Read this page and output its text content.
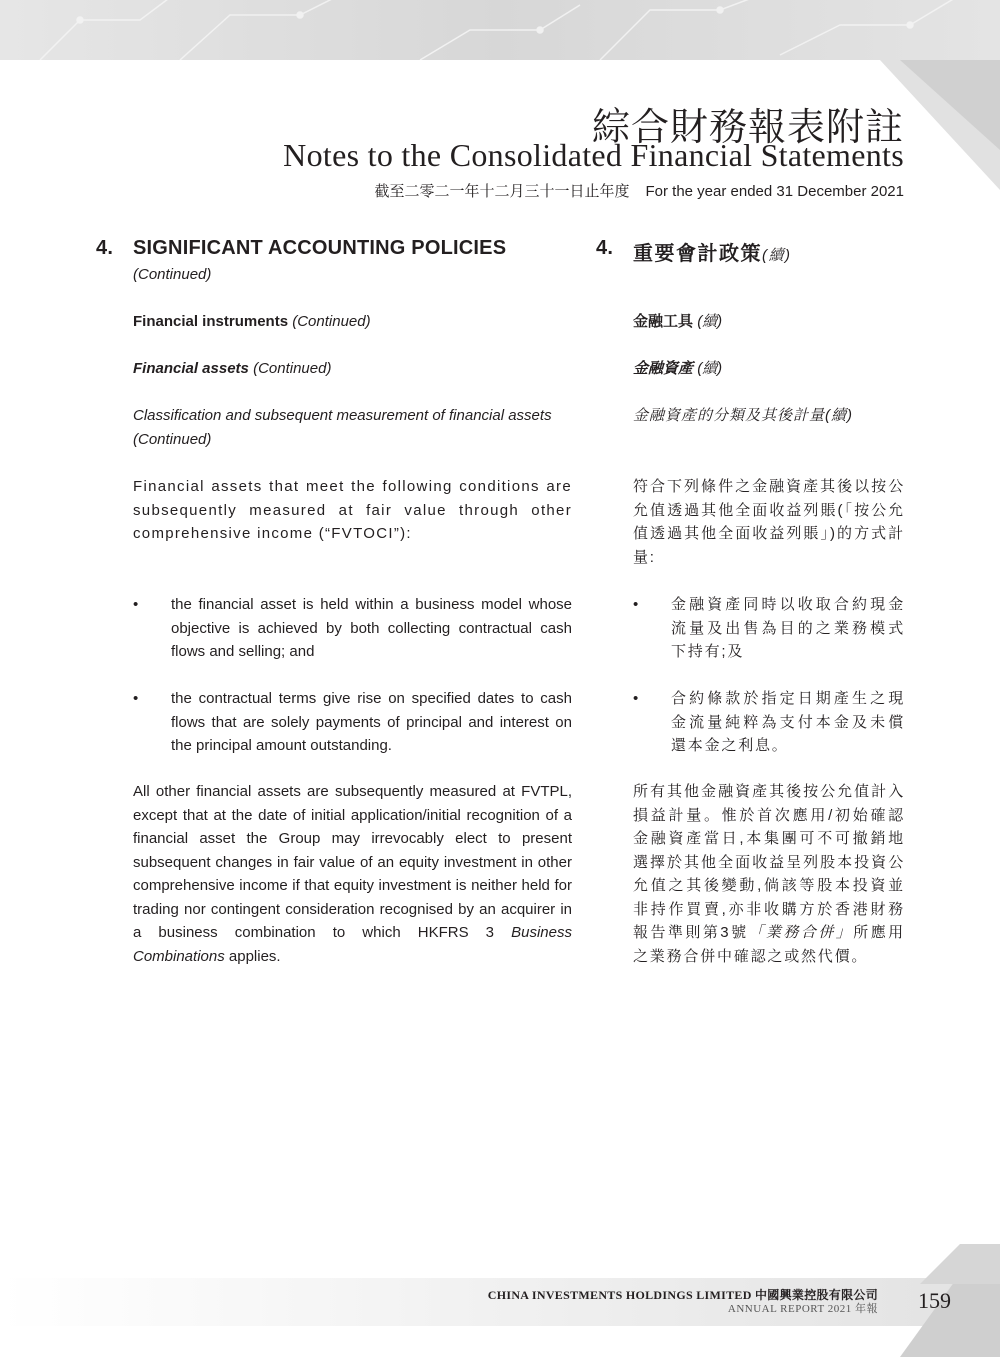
綜合財務報表附註
Notes to the Consolidated Financial Statements
截至二零二一年十二月三十一日止年度 For the year ended 31 December 2021
4. SIGNIFICANT ACCOUNTING POLICIES
(Continued)
Financial instruments (Continued)
Financial assets (Continued)
Classification and subsequent measurement of financial assets
(Continued)
Financial assets that meet the following conditions are subsequently measured at fair value through other comprehensive income (“FVTOCI”):
• the financial asset is held within a business model whose objective is achieved by both collecting contractual cash flows and selling; and
• the contractual terms give rise on specified dates to cash flows that are solely payments of principal and interest on the principal amount outstanding.
All other financial assets are subsequently measured at FVTPL, except that at the date of initial application/initial recognition of a financial asset the Group may irrevocably elect to present subsequent changes in fair value of an equity investment in other comprehensive income if that equity investment is neither held for trading nor contingent consideration recognised by an acquirer in a business combination to which HKFRS 3 Business Combinations applies.
4. 重要會計政策(續)
金融工具 (續)
金融資產 (續)
金融資產的分類及其後計量(續)
符合下列條件之金融資產其後以按公允值透過其他全面收益列賬(「按公允值透過其他全面收益列賬」)的方式計量:
• 金融資產同時以收取合約現金流量及出售為目的之業務模式下持有;及
• 合約條款於指定日期產生之現金流量純粹為支付本金及未償還本金之利息。
所有其他金融資產其後按公允值計入損益計量。惟於首次應用/初始確認金融資產當日,本集團可不可撤銷地選擇於其他全面收益呈列股本投資公允值之其後變動,倘該等股本投資並非持作買賣,亦非收購方於香港財務報告準則第3號「業務合併」所應用之業務合併中確認之或然代價。
CHINA INVESTMENTS HOLDINGS LIMITED 中國興業控股有限公司
ANNUAL REPORT 2021 年報 159
